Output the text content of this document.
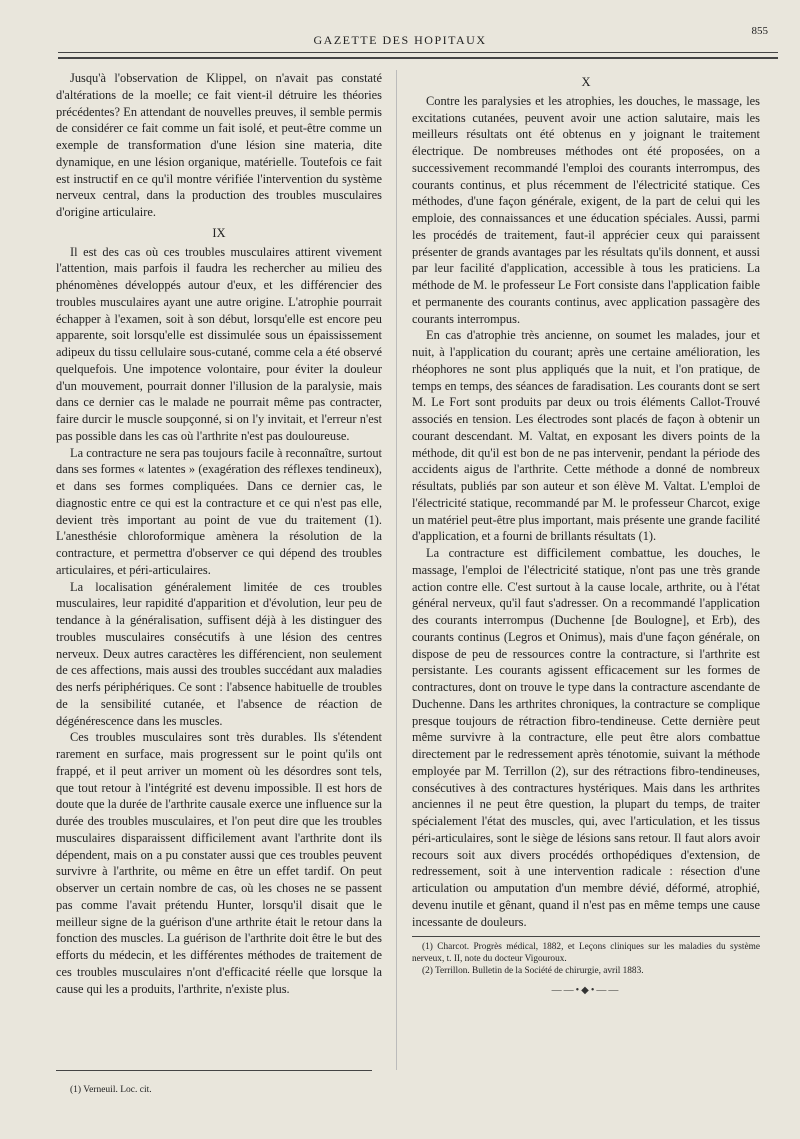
855
GAZETTE DES HOPITAUX

Jusqu'à l'observation de Klippel, on n'avait pas constaté d'altérations de la moelle; ce fait vient-il détruire les théories précédentes? En attendant de nouvelles preuves, il semble permis de considérer ce fait comme un fait isolé, et peut-être comme un exemple de transformation d'une lésion sine materia, dite dynamique, en une lésion organique, matérielle. Toutefois ce fait est instructif en ce qu'il montre vérifiée l'intervention du système nerveux central, dans la production des troubles musculaires d'origine articulaire.

IX

Il est des cas où ces troubles musculaires attirent vivement l'attention, mais parfois il faudra les rechercher au milieu des phénomènes développés autour d'eux, et les différencier des troubles musculaires ayant une autre origine. L'atrophie pourrait échapper à l'examen, soit à son début, lorsqu'elle est encore peu apparente, soit lorsqu'elle est dissimulée sous un épaississement adipeux du tissu cellulaire sous-cutané, comme cela a été observé quelquefois. Une impotence volontaire, pour éviter la douleur d'un mouvement, pourrait donner l'illusion de la paralysie, mais dans ce dernier cas le malade ne pourrait même pas contracter, faire durcir le muscle soupçonné, si on l'y invitait, et l'erreur n'est pas possible dans les cas où l'arthrite n'est pas douloureuse.

La contracture ne sera pas toujours facile à reconnaître, surtout dans ses formes « latentes » (exagération des réflexes tendineux), et dans ses formes compliquées. Dans ce dernier cas, le diagnostic entre ce qui est la contracture et ce qui n'est pas elle, devient très important au point de vue du traitement (1). L'anesthésie chloroformique amènera la résolution de la contracture, et permettra d'observer ce qui dépend des troubles articulaires, et péri-articulaires.

La localisation généralement limitée de ces troubles musculaires, leur rapidité d'apparition et d'évolution, leur peu de tendance à la généralisation, suffisent déjà à les distinguer des troubles musculaires consécutifs à une lésion des centres nerveux. Deux autres caractères les différencient, non seulement de ces affections, mais aussi des troubles succédant aux maladies des nerfs périphériques. Ce sont : l'absence habituelle de troubles de la sensibilité cutanée, et l'absence de réaction de dégénérescence dans les muscles.

Ces troubles musculaires sont très durables. Ils s'étendent rarement en surface, mais progressent sur le point qu'ils ont frappé, et il peut arriver un moment où les désordres sont tels, que tout retour à l'intégrité est devenu impossible. Il est hors de doute que la durée de l'arthrite causale exerce une influence sur la durée des troubles musculaires, et l'on peut dire que les troubles musculaires disparaissent difficilement avant l'arthrite dont ils dépendent, mais on a pu constater aussi que ces troubles peuvent survivre à l'arthrite, ou même en être un effet tardif. On peut observer un certain nombre de cas, où les choses ne se passent pas comme l'avait prétendu Hunter, lorsqu'il disait que le meilleur signe de la guérison d'une arthrite était le retour dans la fonction des muscles. La guérison de l'arthrite doit être le but des efforts du médecin, et les différentes méthodes de traitement de ces troubles musculaires n'ont d'efficacité réelle que lorsque la cause qui les a produits, l'arthrite, n'existe plus.

(1) Verneuil. Loc. cit.
X

Contre les paralysies et les atrophies, les douches, le massage, les excitations cutanées, peuvent avoir une action salutaire, mais les meilleurs résultats ont été obtenus en y joignant le traitement électrique. De nombreuses méthodes ont été proposées, on a successivement recommandé l'emploi des courants interrompus, des courants continus, et plus récemment de l'électricité statique. Ces méthodes, d'une façon générale, exigent, de la part de celui qui les emploie, des connaissances et une éducation spéciales. Aussi, parmi les procédés de traitement, faut-il apprécier ceux qui paraissent présenter de grands avantages par les résultats qu'ils donnent, et aussi par leur facilité d'application, accessible à tous les praticiens. La méthode de M. le professeur Le Fort consiste dans l'application faible et permanente des courants continus, avec application passagère des courants interrompus.

En cas d'atrophie très ancienne, on soumet les malades, jour et nuit, à l'application du courant; après une certaine amélioration, les rhéophores ne sont plus appliqués que la nuit, et l'on pratique, de temps en temps, des séances de faradisation. Les courants dont se sert M. Le Fort sont produits par deux ou trois éléments Callot-Trouvé associés en tension. Les électrodes sont placés de façon à obtenir un courant descendant. M. Valtat, en exposant les divers points de la méthode, dit qu'il est bon de ne pas intervenir, pendant la période des accidents aigus de l'arthrite. Cette méthode a donné de nombreux résultats, publiés par son auteur et son élève M. Valtat. L'emploi de l'électricité statique, recommandé par M. le professeur Charcot, exige un matériel peut-être plus important, mais présente une grande facilité d'application, et a fourni de brillants résultats (1).

La contracture est difficilement combattue, les douches, le massage, l'emploi de l'électricité statique, n'ont pas une très grande action contre elle. C'est surtout à la cause locale, arthrite, ou à l'état général nerveux, qu'il faut s'adresser. On a recommandé l'application des courants interrompus (Duchenne [de Boulogne], et Erb), des courants continus (Legros et Onimus), mais d'une façon générale, on dispose de peu de ressources contre la contracture, si l'arthrite est persistante. Les courants agissent efficacement sur les formes de contractures, dont on trouve le type dans la contracture ascendante de Duchenne. Dans les arthrites chroniques, la contracture se complique presque toujours de rétraction fibro-tendineuse. Cette dernière peut même survivre à la contracture, elle peut être alors combattue directement par le redressement après ténotomie, suivant la méthode employée par M. Terrillon (2), sur des rétractions fibro-tendineuses, consécutives à des contractures hystériques. Mais dans les arthrites anciennes il ne peut être question, la plupart du temps, de traiter spécialement l'état des muscles, qui, avec l'articulation, et les tissus péri-articulaires, sont le siège de lésions sans retour. Il faut alors avoir recours soit aux divers procédés orthopédiques d'extension, de redressement, soit à une intervention radicale : résection d'une articulation ou amputation d'un membre dévié, déformé, atrophié, devenu inutile et gênant, quand il n'est pas en même temps une cause incessante de douleurs.

(1) Charcot. Progrès médical, 1882, et Leçons cliniques sur les maladies du système nerveux, t. II, note du docteur Vigouroux.

(2) Terrillon. Bulletin de la Société de chirurgie, avril 1883.

——•◆•——
